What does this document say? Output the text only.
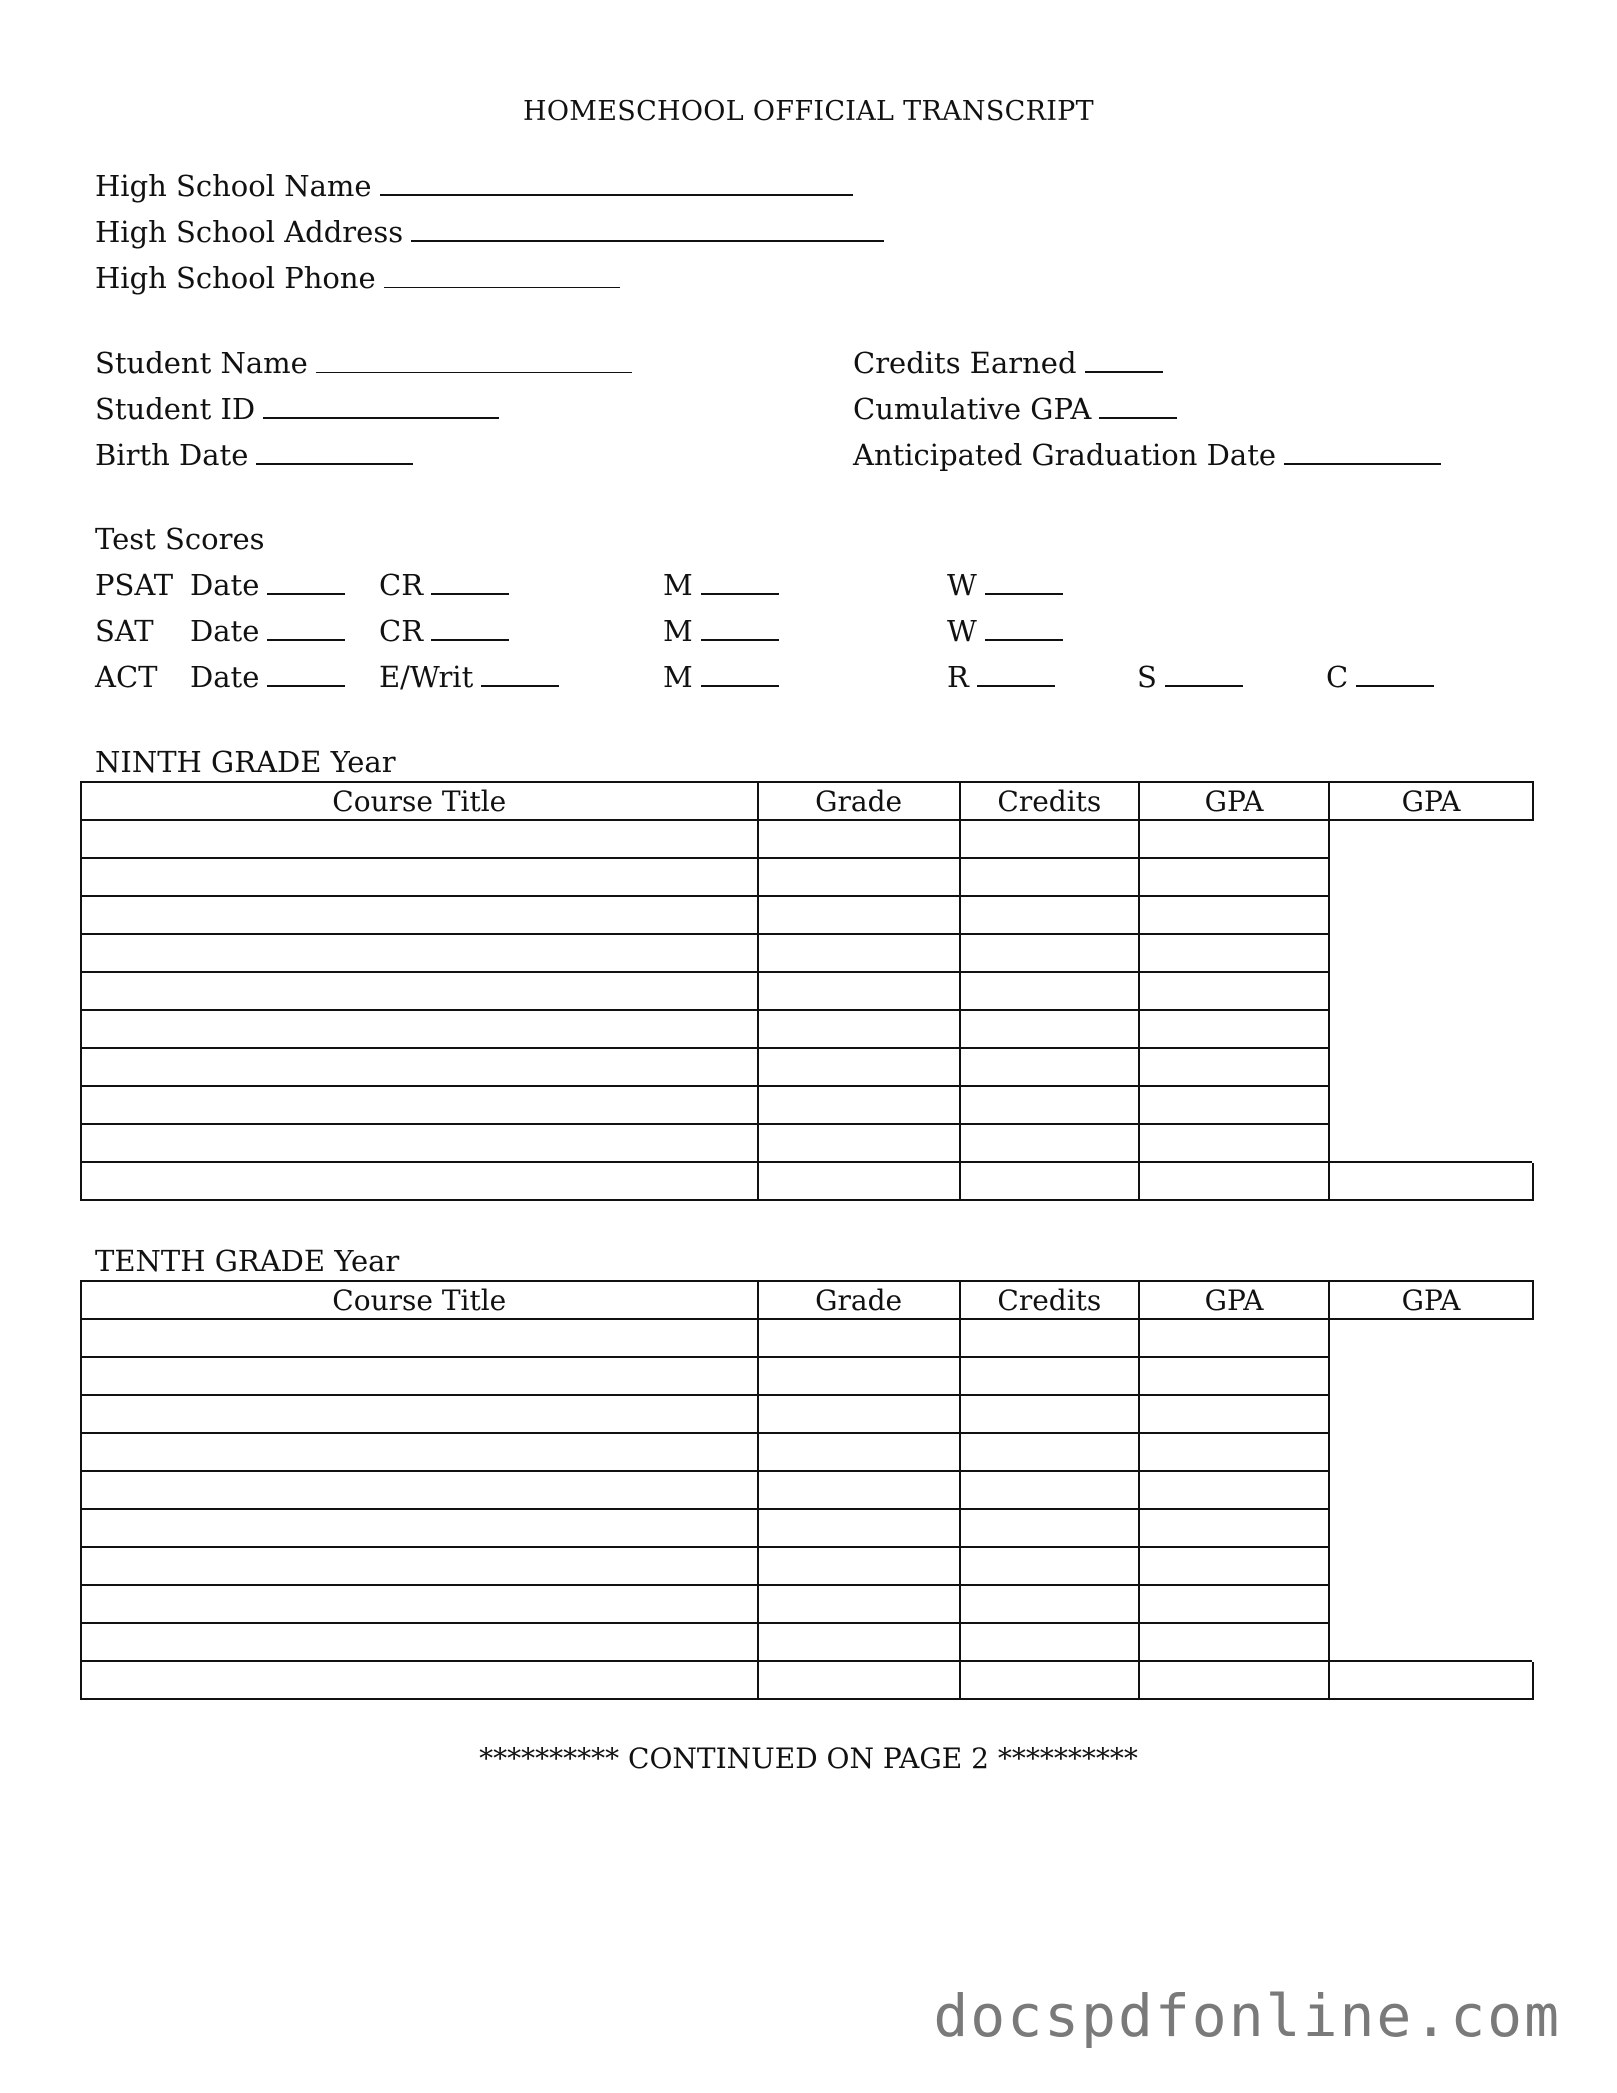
HOMESCHOOL OFFICIAL TRANSCRIPT
High School Name
High School Address
High School Phone
Student Name
Student ID
Birth Date
Credits Earned
Cumulative GPA
Anticipated Graduation Date
Test Scores
PSAT Date	CR	M	W
SAT Date	CR	M	W
ACT Date	E/Writ	M	R	S	C
NINTH GRADE Year
Course Title	Grade	Credits	GPA	GPA

TENTH GRADE Year
Course Title	Grade	Credits	GPA	GPA

********** CONTINUED ON PAGE 2 **********
docspdfonline.com
